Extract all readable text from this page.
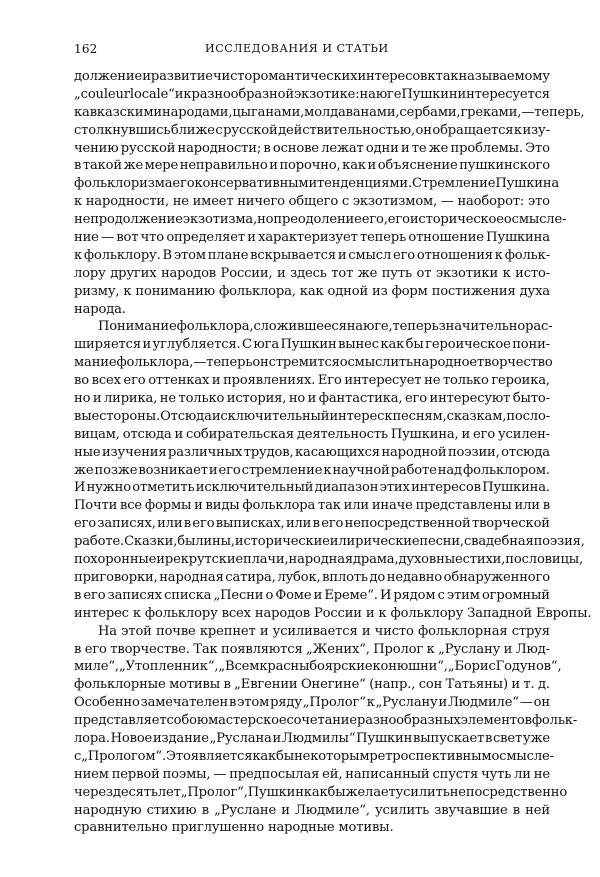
162	ИССЛЕДОВАНИЯ И СТАТЬИ
должение и развитие чисто романтических интересов к так называемому
„couleur locale“ и к разнообразной экзотике: на юге Пушкин интересуется
кавказскими народами, цыганами, молдаванами, сербами, греками, — теперь,
столкнувшись ближе с русской действительностью, он обращается к изу-
чению русской народности; в основе лежат одни и те же проблемы. Это
в такой же мере неправильно и порочно, как и объяснение пушкинского
фольклоризма его консервативными тенденциями. Стремление Пушкина
к народности, не имеет ничего общего с экзотизмом, — наоборот: это
не продолжение экзотизма, но преодоление его, его историческое осмысле-
ние — вот что определяет и характеризует теперь отношение Пушкина
к фольклору. В этом плане вскрывается и смысл его отношения к фольк-
лору других народов России, и здесь тот же путь от экзотики к исто-
ризму, к пониманию фольклора, как одной из форм постижения духа
народа.
Понимание фольклора, сложившееся на юге, теперь значительно рас-
ширяется и углубляется. С юга Пушкин вынес как бы героическое пони-
мание фольклора, — теперь он стремится осмыслить народное творчество
во всех его оттенках и проявлениях. Его интересует не только героика,
но и лирика, не только история, но и фантастика, его интересуют быто-
вые стороны. Отсюда исключительный интерес к песням, сказкам, посло-
вицам, отсюда и собирательская деятельность Пушкина, и его усилен-
ные изучения различных трудов, касающихся народной поэзии, отсюда
же позже возникает и его стремление к научной работе над фольклором.
И нужно отметить исключительный диапазон этих интересов Пушкина.
Почти все формы и виды фольклора так или иначе представлены или в
его записях, или в его выписках, или в его непосредственной творческой
работе. Сказки, былины, исторические и лирические песни, свадебная поэзия,
похоронные и рекрутские плачи, народная драма, духовные стихи, пословицы,
приговорки, народная сатира, лубок, вплоть до недавно обнаруженного
в его записях списка „Песни о Фоме и Ереме“. И рядом с этим огромный
интерес к фольклору всех народов России и к фольклору Западной Европы.
На этой почве крепнет и усиливается и чисто фольклорная струя
в его творчестве. Так появляются „Жених“, Пролог к „Руслану и Люд-
миле“, „Утопленник“, „Всем красны боярские конюшни“, „Борис Годунов“,
фольклорные мотивы в „Евгении Онегине“ (напр., сон Татьяны) и т. д.
Особенно замечателен в этом ряду „Пролог“ к „Руслану и Людмиле“ — он
представляет собою мастерское сочетание разнообразных элементов фольк-
лора. Новое издание „Руслана и Людмилы“ Пушкин выпускает в свет уже
с „Прологом“. Это является как бы некоторым ретроспективным осмысле-
нием первой поэмы, — предпосылая ей, написанный спустя чуть ли не
через десять лет „Пролог“, Пушкин как бы желает усилить непосредственно
народную стихию в „Руслане и Людмиле“, усилить звучавшие в ней
сравнительно приглушенно народные мотивы.
